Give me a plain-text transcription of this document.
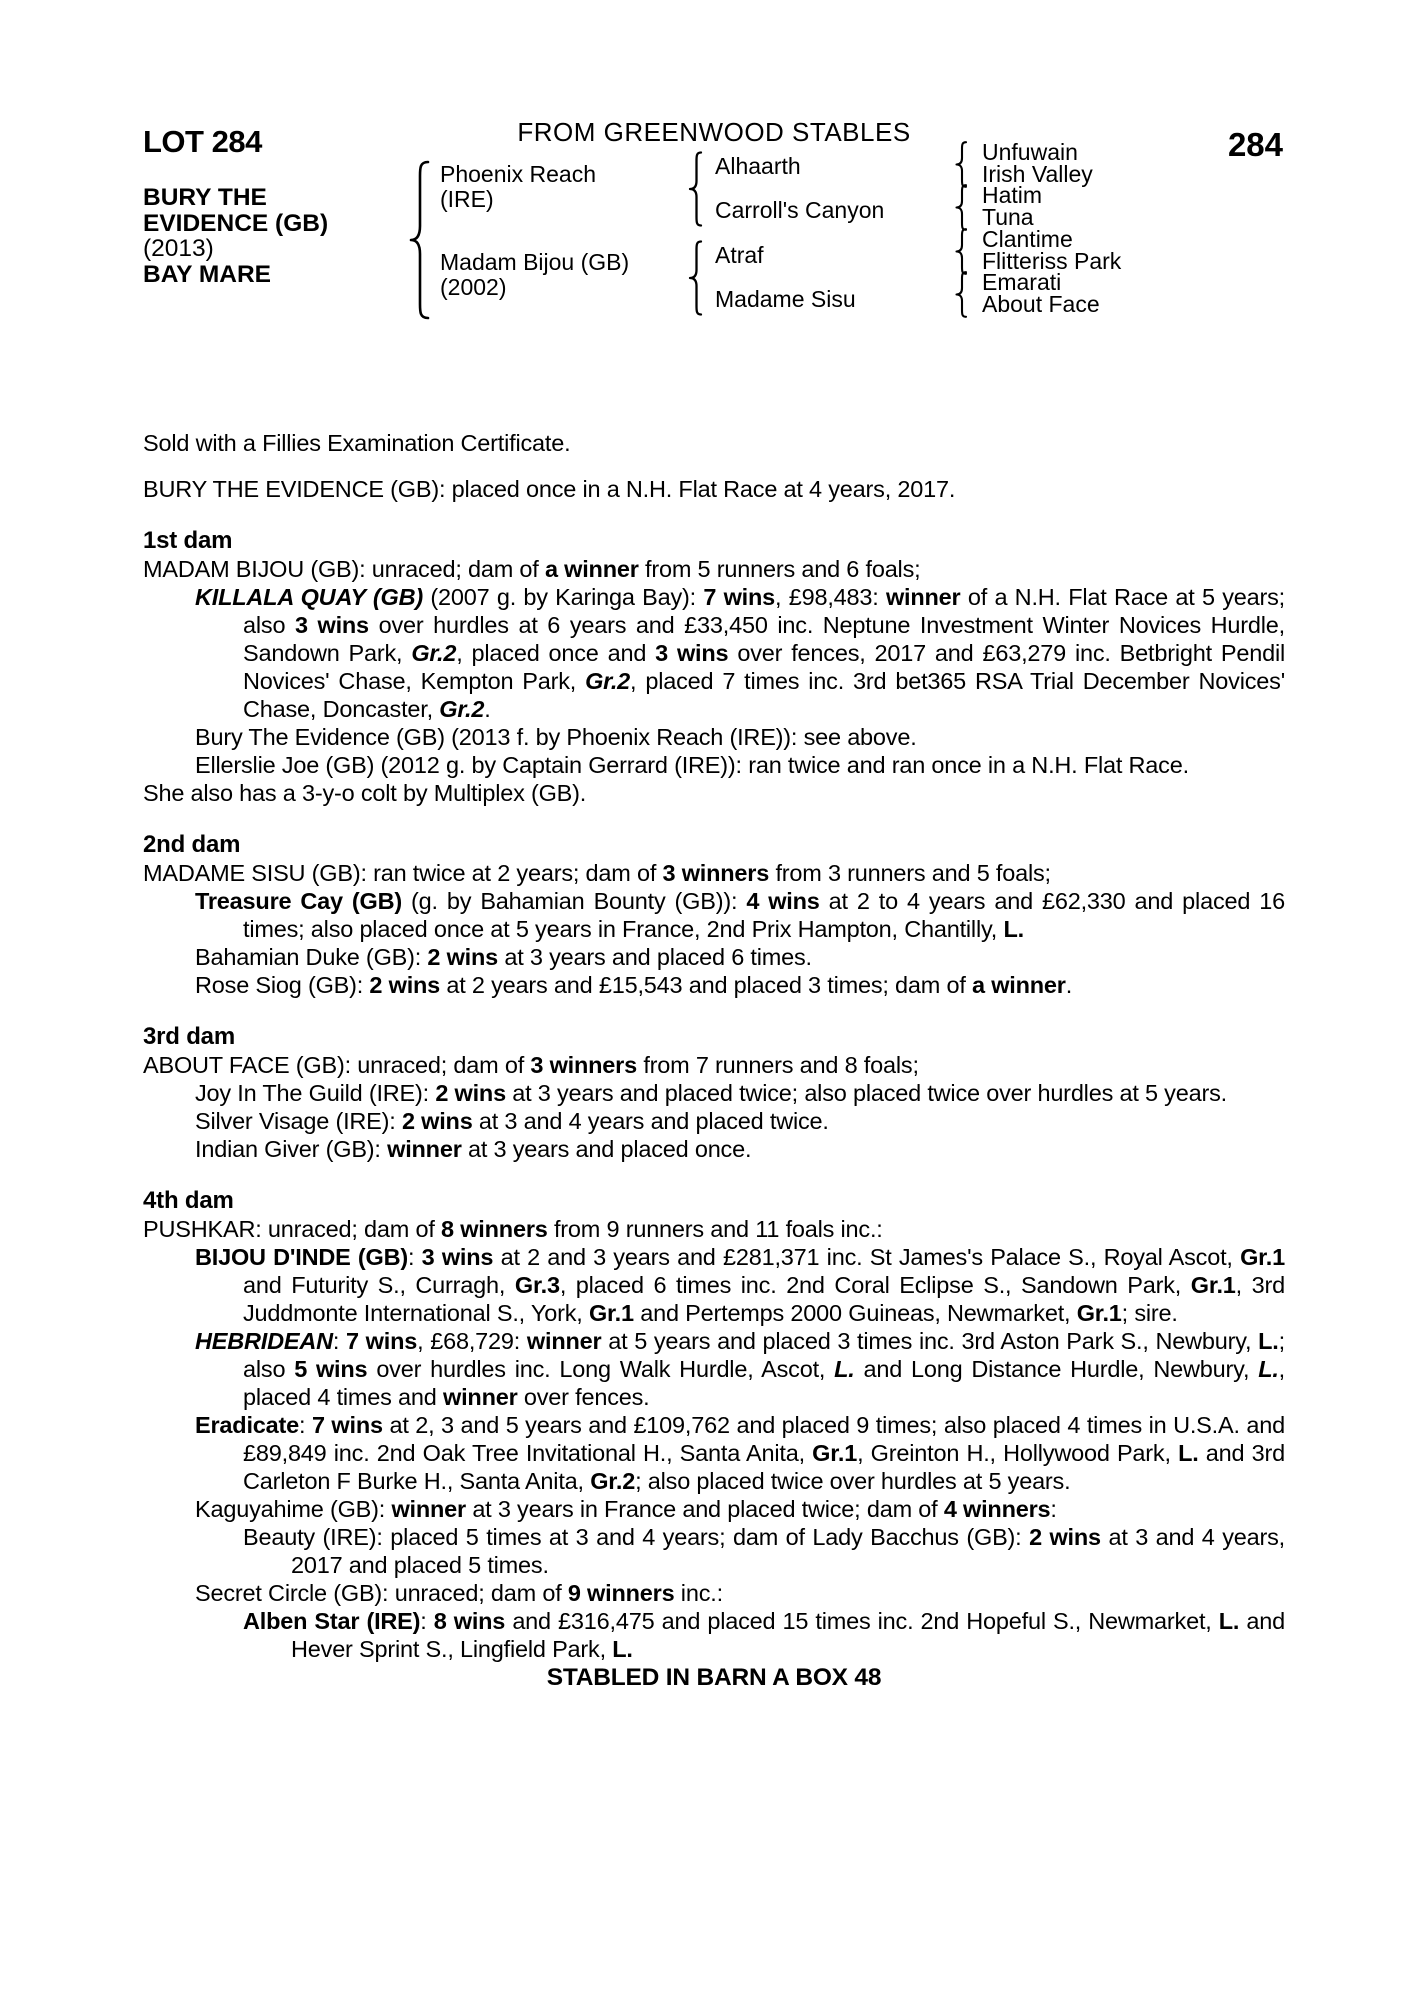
LOT 284	FROM GREENWOOD STABLES	284
BURY THE
EVIDENCE (GB)
(2013)
BAY MARE
Phoenix Reach
(IRE)
Madam Bijou (GB)
(2002)
Alhaarth
Carroll's Canyon
Atraf
Madame Sisu
Unfuwain
Irish Valley
Hatim
Tuna
Clantime
Flitteriss Park
Emarati
About Face

Sold with a Fillies Examination Certificate.

BURY THE EVIDENCE (GB): placed once in a N.H. Flat Race at 4 years, 2017.

1st dam

MADAM BIJOU (GB): unraced; dam of a winner from 5 runners and 6 foals;

KILLALA QUAY (GB) (2007 g. by Karinga Bay): 7 wins, £98,483: winner of a N.H. Flat Race at 5 years; also 3 wins over hurdles at 6 years and £33,450 inc. Neptune Investment Winter Novices Hurdle, Sandown Park, Gr.2, placed once and 3 wins over fences, 2017 and £63,279 inc. Betbright Pendil Novices' Chase, Kempton Park, Gr.2, placed 7 times inc. 3rd bet365 RSA Trial December Novices' Chase, Doncaster, Gr.2.

Bury The Evidence (GB) (2013 f. by Phoenix Reach (IRE)): see above.

Ellerslie Joe (GB) (2012 g. by Captain Gerrard (IRE)): ran twice and ran once in a N.H. Flat Race.

She also has a 3-y-o colt by Multiplex (GB).

2nd dam

MADAME SISU (GB): ran twice at 2 years; dam of 3 winners from 3 runners and 5 foals;

Treasure Cay (GB) (g. by Bahamian Bounty (GB)): 4 wins at 2 to 4 years and £62,330 and placed 16 times; also placed once at 5 years in France, 2nd Prix Hampton, Chantilly, L.

Bahamian Duke (GB): 2 wins at 3 years and placed 6 times.

Rose Siog (GB): 2 wins at 2 years and £15,543 and placed 3 times; dam of a winner.

3rd dam

ABOUT FACE (GB): unraced; dam of 3 winners from 7 runners and 8 foals;

Joy In The Guild (IRE): 2 wins at 3 years and placed twice; also placed twice over hurdles at 5 years.

Silver Visage (IRE): 2 wins at 3 and 4 years and placed twice.

Indian Giver (GB): winner at 3 years and placed once.

4th dam

PUSHKAR: unraced; dam of 8 winners from 9 runners and 11 foals inc.:

BIJOU D'INDE (GB): 3 wins at 2 and 3 years and £281,371 inc. St James's Palace S., Royal Ascot, Gr.1 and Futurity S., Curragh, Gr.3, placed 6 times inc. 2nd Coral Eclipse S., Sandown Park, Gr.1, 3rd Juddmonte International S., York, Gr.1 and Pertemps 2000 Guineas, Newmarket, Gr.1; sire.

HEBRIDEAN: 7 wins, £68,729: winner at 5 years and placed 3 times inc. 3rd Aston Park S., Newbury, L.; also 5 wins over hurdles inc. Long Walk Hurdle, Ascot, L. and Long Distance Hurdle, Newbury, L., placed 4 times and winner over fences.

Eradicate: 7 wins at 2, 3 and 5 years and £109,762 and placed 9 times; also placed 4 times in U.S.A. and £89,849 inc. 2nd Oak Tree Invitational H., Santa Anita, Gr.1, Greinton H., Hollywood Park, L. and 3rd Carleton F Burke H., Santa Anita, Gr.2; also placed twice over hurdles at 5 years.

Kaguyahime (GB): winner at 3 years in France and placed twice; dam of 4 winners:

Beauty (IRE): placed 5 times at 3 and 4 years; dam of Lady Bacchus (GB): 2 wins at 3 and 4 years, 2017 and placed 5 times.

Secret Circle (GB): unraced; dam of 9 winners inc.:

Alben Star (IRE): 8 wins and £316,475 and placed 15 times inc. 2nd Hopeful S., Newmarket, L. and Hever Sprint S., Lingfield Park, L.

STABLED IN BARN A BOX 48
